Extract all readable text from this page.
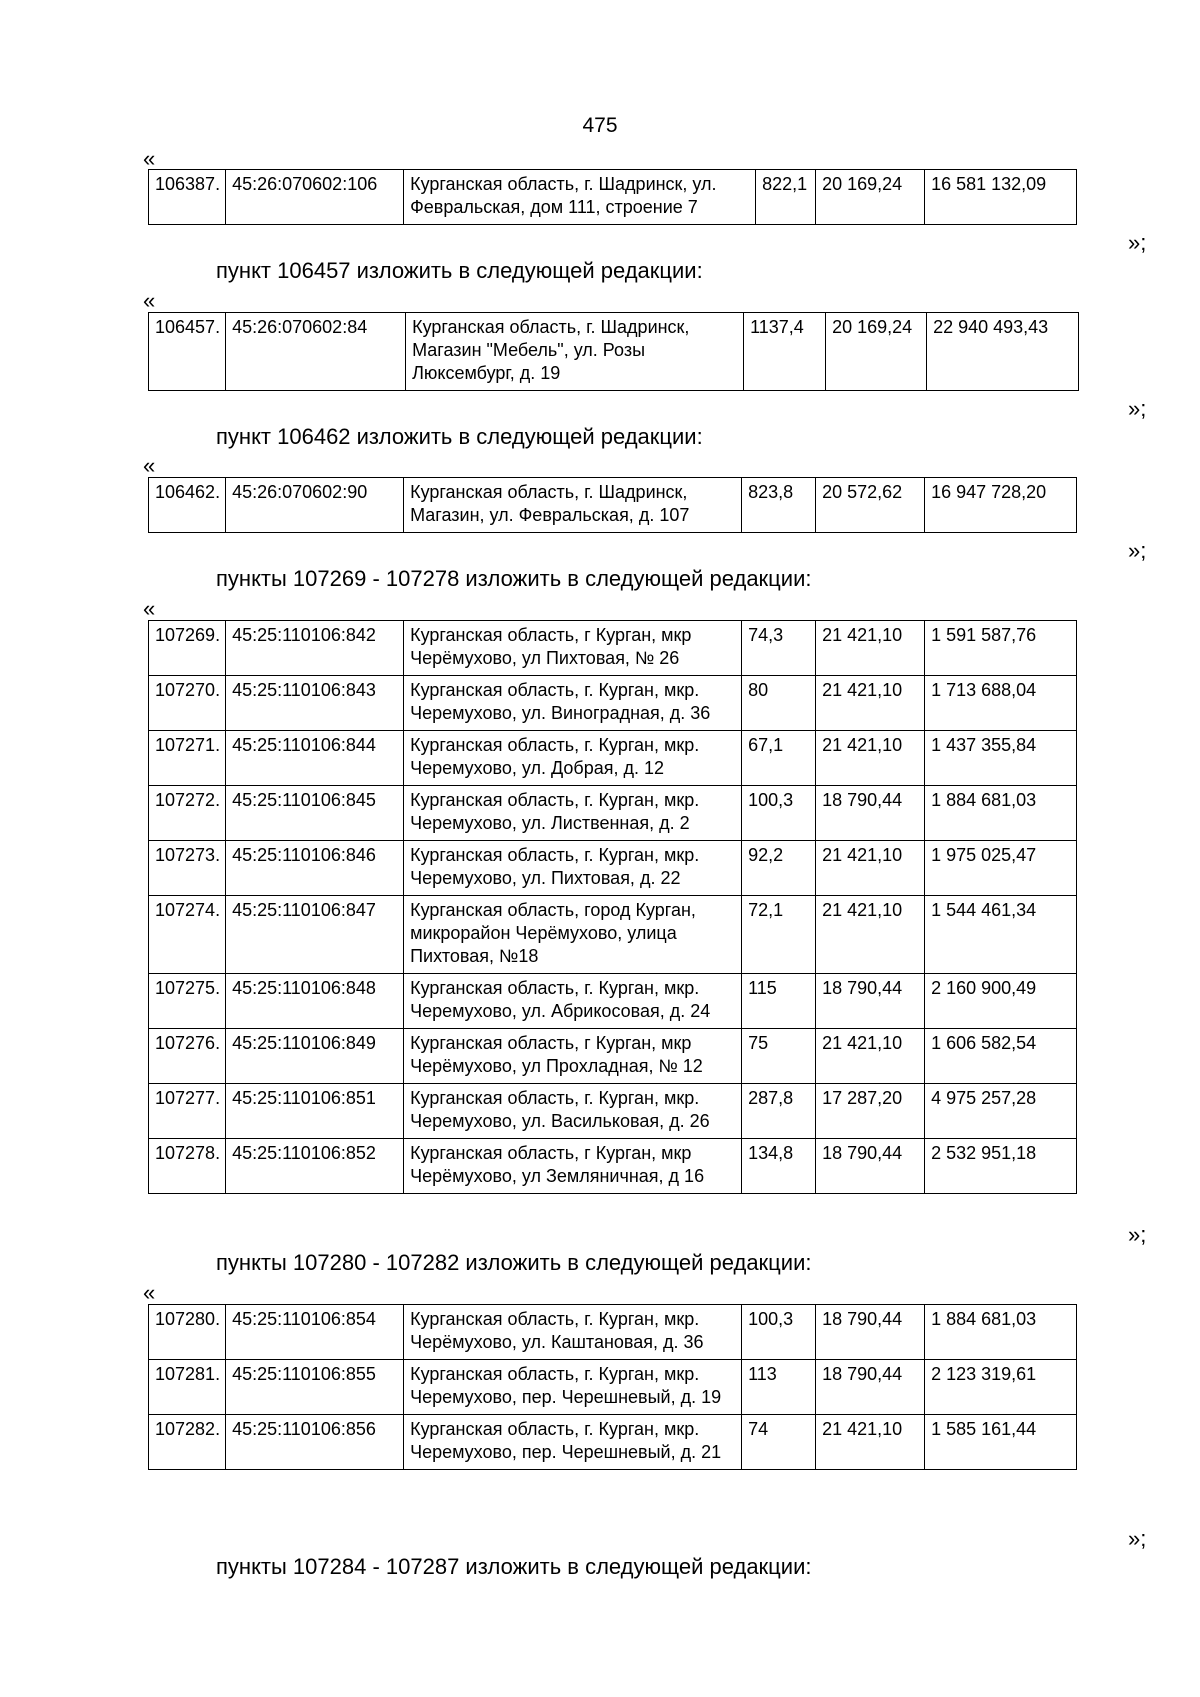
475
«
106387.	45:26:070602:106	Курганская область, г. Шадринск, ул. Февральская, дом 111, строение 7	822,1	20 169,24	16 581 132,09
»;
пункт 106457 изложить в следующей редакции:
«
106457.	45:26:070602:84	Курганская область, г. Шадринск, Магазин "Мебель", ул. Розы Люксембург, д. 19	1137,4	20 169,24	22 940 493,43
»;
пункт 106462 изложить в следующей редакции:
«
106462.	45:26:070602:90	Курганская область, г. Шадринск, Магазин, ул. Февральская, д. 107	823,8	20 572,62	16 947 728,20
»;
пункты 107269 - 107278 изложить в следующей редакции:
«
107269.	45:25:110106:842	Курганская область, г Курган, мкр Черёмухово, ул Пихтовая, № 26	74,3	21 421,10	1 591 587,76
107270.	45:25:110106:843	Курганская область, г. Курган, мкр. Черемухово, ул. Виноградная, д. 36	80	21 421,10	1 713 688,04
107271.	45:25:110106:844	Курганская область, г. Курган, мкр. Черемухово, ул. Добрая, д. 12	67,1	21 421,10	1 437 355,84
107272.	45:25:110106:845	Курганская область, г. Курган, мкр. Черемухово, ул. Лиственная, д. 2	100,3	18 790,44	1 884 681,03
107273.	45:25:110106:846	Курганская область, г. Курган, мкр. Черемухово, ул. Пихтовая, д. 22	92,2	21 421,10	1 975 025,47
107274.	45:25:110106:847	Курганская область, город Курган, микрорайон Черёмухово, улица Пихтовая, №18	72,1	21 421,10	1 544 461,34
107275.	45:25:110106:848	Курганская область, г. Курган, мкр. Черемухово, ул. Абрикосовая, д. 24	115	18 790,44	2 160 900,49
107276.	45:25:110106:849	Курганская область, г Курган, мкр Черёмухово, ул Прохладная, № 12	75	21 421,10	1 606 582,54
107277.	45:25:110106:851	Курганская область, г. Курган, мкр. Черемухово, ул. Васильковая, д. 26	287,8	17 287,20	4 975 257,28
107278.	45:25:110106:852	Курганская область, г Курган, мкр Черёмухово, ул Земляничная, д 16	134,8	18 790,44	2 532 951,18
»;
пункты 107280 - 107282 изложить в следующей редакции:
«
107280.	45:25:110106:854	Курганская область, г. Курган, мкр. Черёмухово, ул. Каштановая, д. 36	100,3	18 790,44	1 884 681,03
107281.	45:25:110106:855	Курганская область, г. Курган, мкр. Черемухово, пер. Черешневый, д. 19	113	18 790,44	2 123 319,61
107282.	45:25:110106:856	Курганская область, г. Курган, мкр. Черемухово, пер. Черешневый, д. 21	74	21 421,10	1 585 161,44
»;
пункты 107284 - 107287 изложить в следующей редакции:
